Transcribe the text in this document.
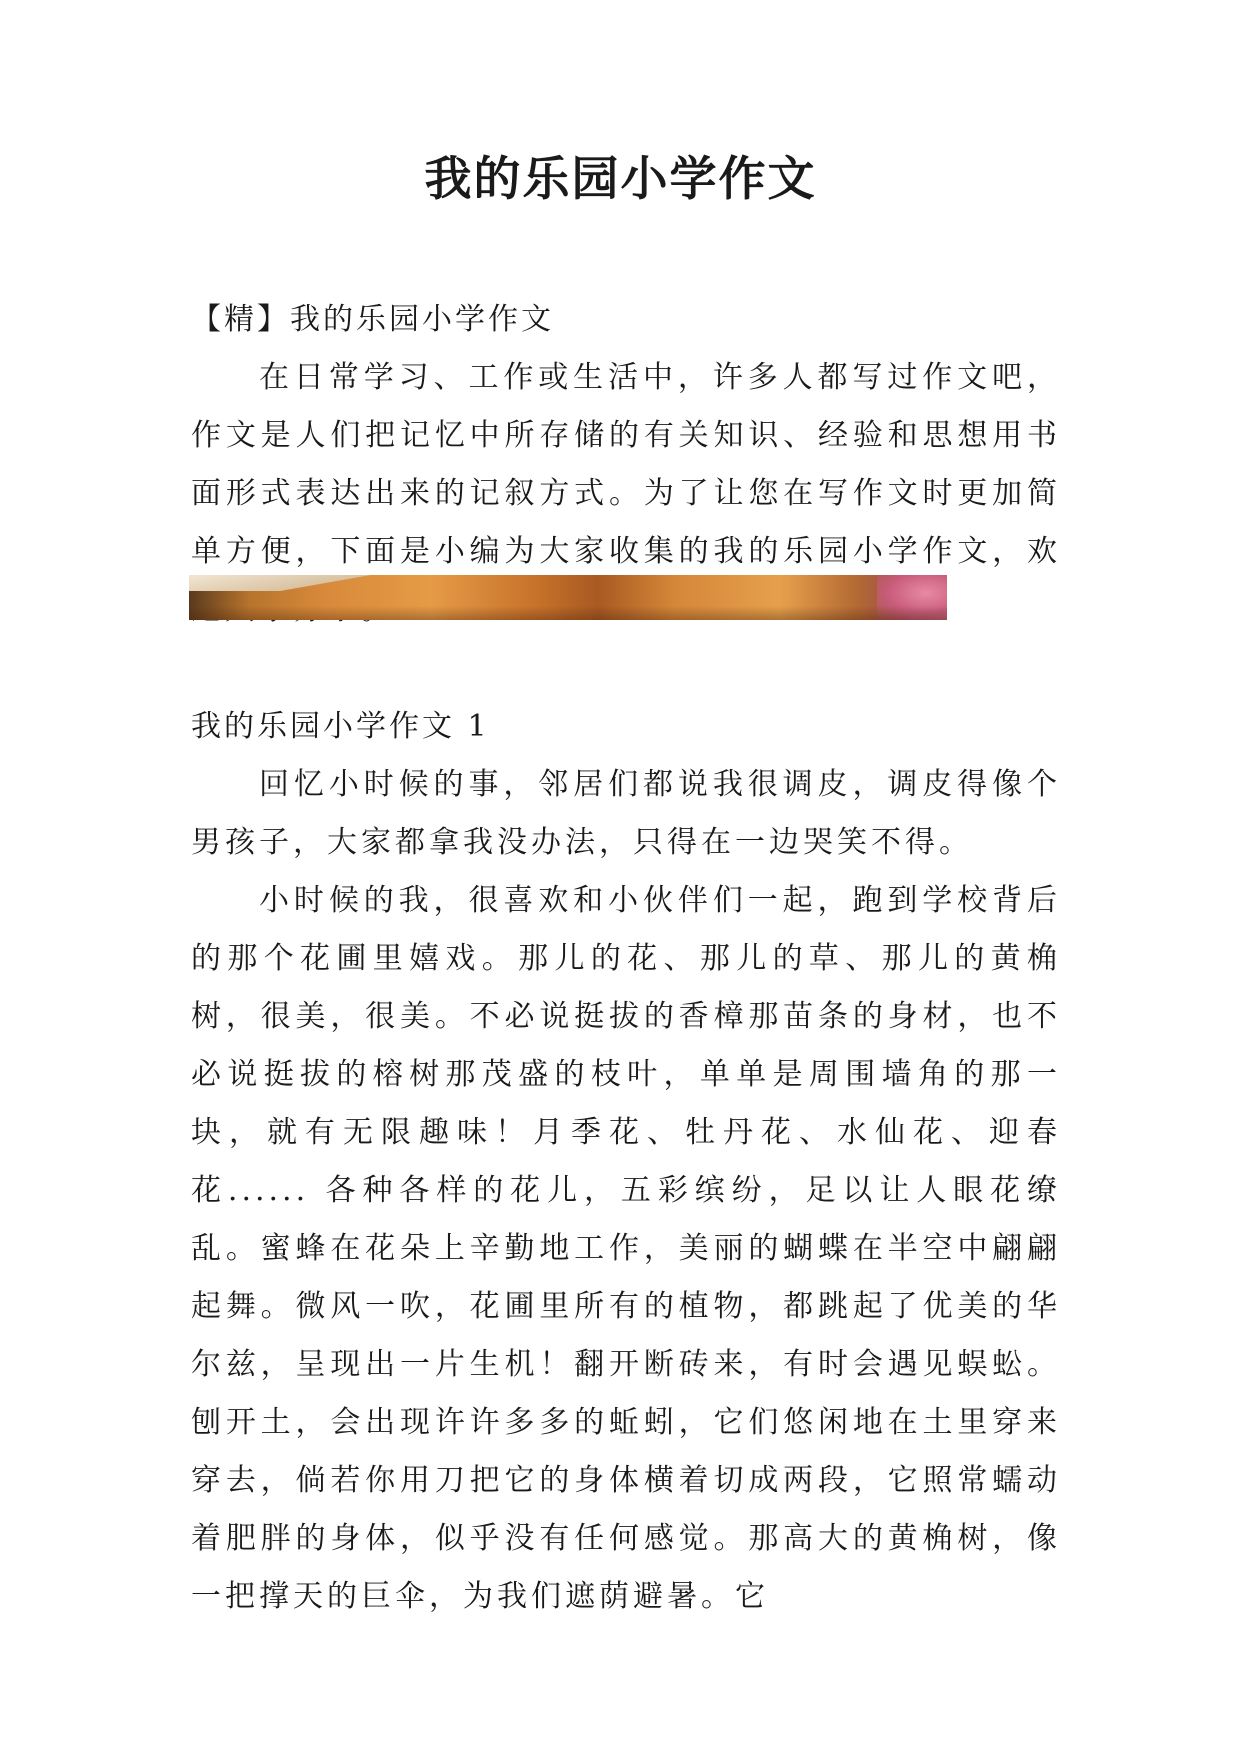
我的乐园小学作文

【精】我的乐园小学作文

在日常学习、工作或生活中，许多人都写过作文吧，作文是人们把记忆中所存储的有关知识、经验和思想用书面形式表达出来的记叙方式。为了让您在写作文时更加简单方便，下面是小编为大家收集的我的乐园小学作文，欢

我的乐园小学作文 1

回忆小时候的事，邻居们都说我很调皮，调皮得像个男孩子，大家都拿我没办法，只得在一边哭笑不得。

小时候的我，很喜欢和小伙伴们一起，跑到学校背后的那个花圃里嬉戏。那儿的花、那儿的草、那儿的黄桷树，很美，很美。不必说挺拔的香樟那苗条的身材，也不必说挺拔的榕树那茂盛的枝叶，单单是周围墙角的那一块，就有无限趣味！月季花、牡丹花、水仙花、迎春花...... 各种各样的花儿，五彩缤纷，足以让人眼花缭乱。蜜蜂在花朵上辛勤地工作，美丽的蝴蝶在半空中翩翩起舞。微风一吹，花圃里所有的植物，都跳起了优美的华尔兹，呈现出一片生机！翻开断砖来，有时会遇见蜈蚣。刨开土，会出现许许多多的蚯蚓，它们悠闲地在土里穿来穿去，倘若你用刀把它的身体横着切成两段，它照常蠕动着肥胖的身体，似乎没有任何感觉。那高大的黄桷树，像一把撑天的巨伞，为我们遮荫避暑。它
